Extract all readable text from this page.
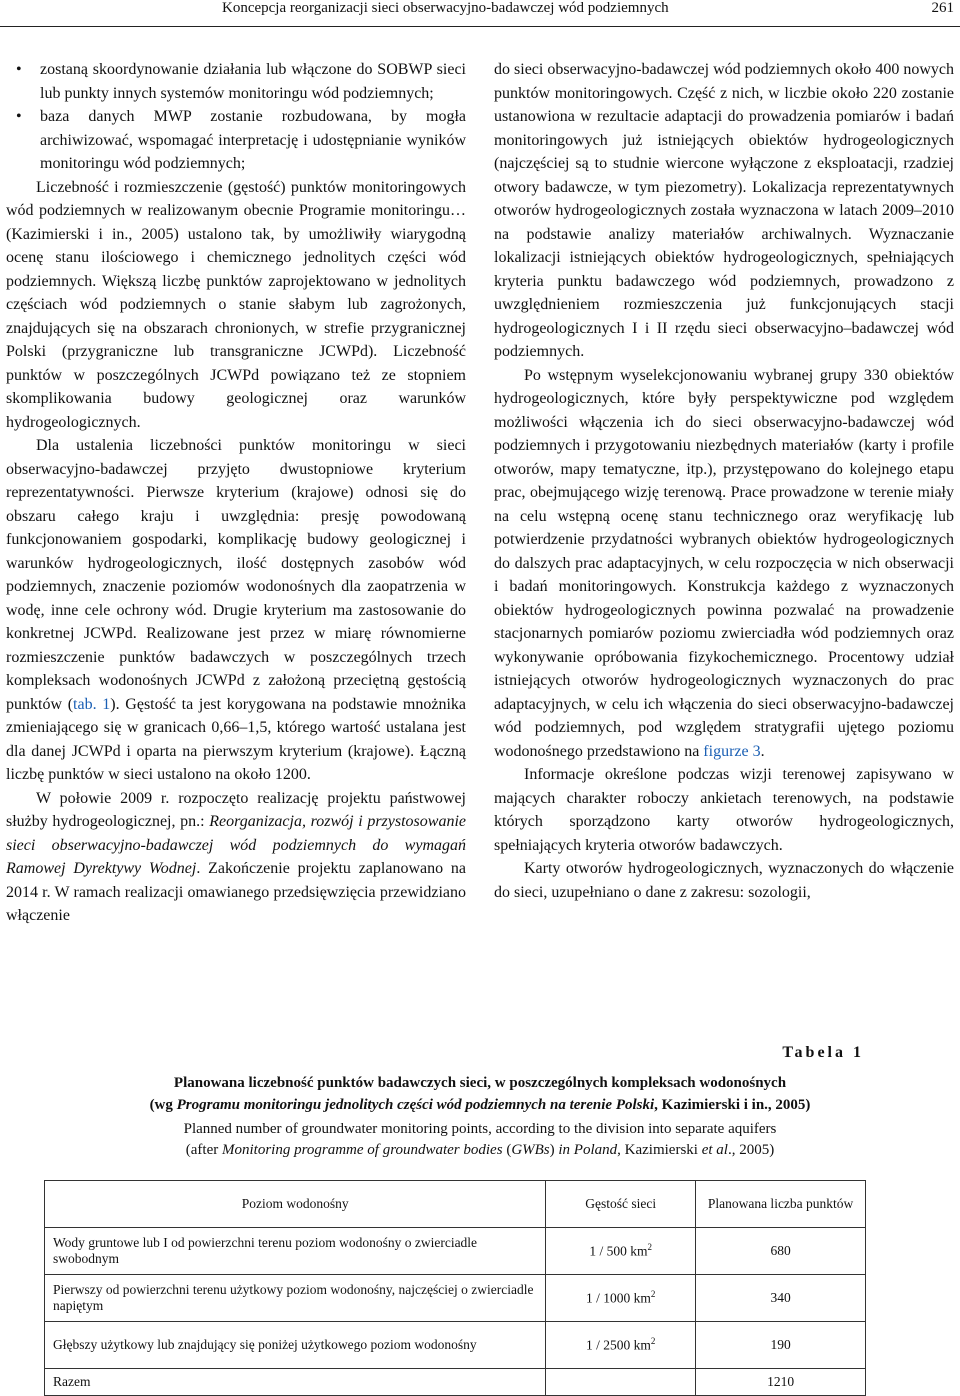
Koncepcja reorganizacji sieci obserwacyjno-badawczej wód podziemnych	261
• zostaną skoordynowanie działania lub włączone do SOBWP sieci lub punkty innych systemów monitoringu wód podziemnych;
• baza danych MWP zostanie rozbudowana, by mogła archiwizować, wspomagać interpretację i udostępnianie wyników monitoringu wód podziemnych;

Liczebność i rozmieszczenie (gęstość) punktów monitoringowych wód podziemnych w realizowanym obecnie Programie monitoringu… (Kazimierski i in., 2005) ustalono tak, by umożliwiły wiarygodną ocenę stanu ilościowego i chemicznego jednolitych części wód podziemnych. Większą liczbę punktów zaprojektowano w jednolitych częściach wód podziemnych o stanie słabym lub zagrożonych, znajdujących się na obszarach chronionych, w strefie przygranicznej Polski (przygraniczne lub transgraniczne JCWPd). Liczebność punktów w poszczególnych JCWPd powiązano też ze stopniem skomplikowania budowy geologicznej oraz warunków hydrogeologicznych.

Dla ustalenia liczebności punktów monitoringu w sieci obserwacyjno-badawczej przyjęto dwustopniowe kryterium reprezentatywności. Pierwsze kryterium (krajowe) odnosi się do obszaru całego kraju i uwzględnia: presję powodowaną funkcjonowaniem gospodarki, komplikację budowy geologicznej i warunków hydrogeologicznych, ilość dostępnych zasobów wód podziemnych, znaczenie poziomów wodonośnych dla zaopatrzenia w wodę, inne cele ochrony wód. Drugie kryterium ma zastosowanie do konkretnej JCWPd. Realizowane jest przez w miarę równomierne rozmieszczenie punktów badawczych w poszczególnych trzech kompleksach wodonośnych JCWPd z założoną przeciętną gęstością punktów (tab. 1). Gęstość ta jest korygowana na podstawie mnożnika zmieniającego się w granicach 0,66–1,5, którego wartość ustalana jest dla danej JCWPd i oparta na pierwszym kryterium (krajowe). Łączną liczbę punktów w sieci ustalono na około 1200.

W połowie 2009 r. rozpoczęto realizację projektu państwowej służby hydrogeologicznej, pn.: Reorganizacja, rozwój i przystosowanie sieci obserwacyjno-badawczej wód podziemnych do wymagań Ramowej Dyrektywy Wodnej. Zakończenie projektu zaplanowano na 2014 r. W ramach realizacji omawianego przedsięwzięcia przewidziano włączenie

do sieci obserwacyjno-badawczej wód podziemnych około 400 nowych punktów monitoringowych. Część z nich, w liczbie około 220 zostanie ustanowiona w rezultacie adaptacji do prowadzenia pomiarów i badań monitoringowych już istniejących obiektów hydrogeologicznych (najczęściej są to studnie wiercone wyłączone z eksploatacji, rzadziej otwory badawcze, w tym piezometry). Lokalizacja reprezentatywnych otworów hydrogeologicznych została wyznaczona w latach 2009–2010 na podstawie analizy materiałów archiwalnych. Wyznaczanie lokalizacji istniejących obiektów hydrogeologicznych, spełniających kryteria punktu badawczego wód podziemnych, prowadzono z uwzględnieniem rozmieszczenia już funkcjonujących stacji hydrogeologicznych I i II rzędu sieci obserwacyjno–badawczej wód podziemnych.

Po wstępnym wyselekcjonowaniu wybranej grupy 330 obiektów hydrogeologicznych, które były perspektywiczne pod względem możliwości włączenia ich do sieci obserwacyjno-badawczej wód podziemnych i przygotowaniu niezbędnych materiałów (karty i profile otworów, mapy tematyczne, itp.), przystępowano do kolejnego etapu prac, obejmującego wizję terenową. Prace prowadzone w terenie miały na celu wstępną ocenę stanu technicznego oraz weryfikację lub potwierdzenie przydatności wybranych obiektów hydrogeologicznych do dalszych prac adaptacyjnych, w celu rozpoczęcia w nich obserwacji i badań monitoringowych. Konstrukcja każdego z wyznaczonych obiektów hydrogeologicznych powinna pozwalać na prowadzenie stacjonarnych pomiarów poziomu zwierciadła wód podziemnych oraz wykonywanie opróbowania fizykochemicznego. Procentowy udział istniejących otworów hydrogeologicznych wyznaczonych do prac adaptacyjnych, w celu ich włączenia do sieci obserwacyjno-badawczej wód podziemnych, pod względem stratygrafii ujętego poziomu wodonośnego przedstawiono na figurze 3.

Informacje określone podczas wizji terenowej zapisywano w mających charakter roboczy ankietach terenowych, na podstawie których sporządzono karty otworów hydrogeologicznych, spełniających kryteria otworów badawczych.

Karty otworów hydrogeologicznych, wyznaczonych do włączenie do sieci, uzupełniano o dane z zakresu: sozologii,

Tabela 1
Planowana liczebność punktów badawczych sieci, w poszczególnych kompleksach wodonośnych
(wg Programu monitoringu jednolitych części wód podziemnych na terenie Polski, Kazimierski i in., 2005)
Planned number of groundwater monitoring points, according to the division into separate aquifers
(after Monitoring programme of groundwater bodies (GWBs) in Poland, Kazimierski et al., 2005)
Poziom wodonośny	Gęstość sieci	Planowana liczba punktów
Wody gruntowe lub I od powierzchni terenu poziom wodonośny o zwierciadle swobodnym	1 / 500 $km^2$	680
Pierwszy od powierzchni terenu użytkowy poziom wodonośny, najczęściej o zwierciadle napiętym	1 / 1000 $km^2$	340
Głębszy użytkowy lub znajdujący się poniżej użytkowego poziom wodonośny	1 / 2500 $km^2$	190
Razem		1210
